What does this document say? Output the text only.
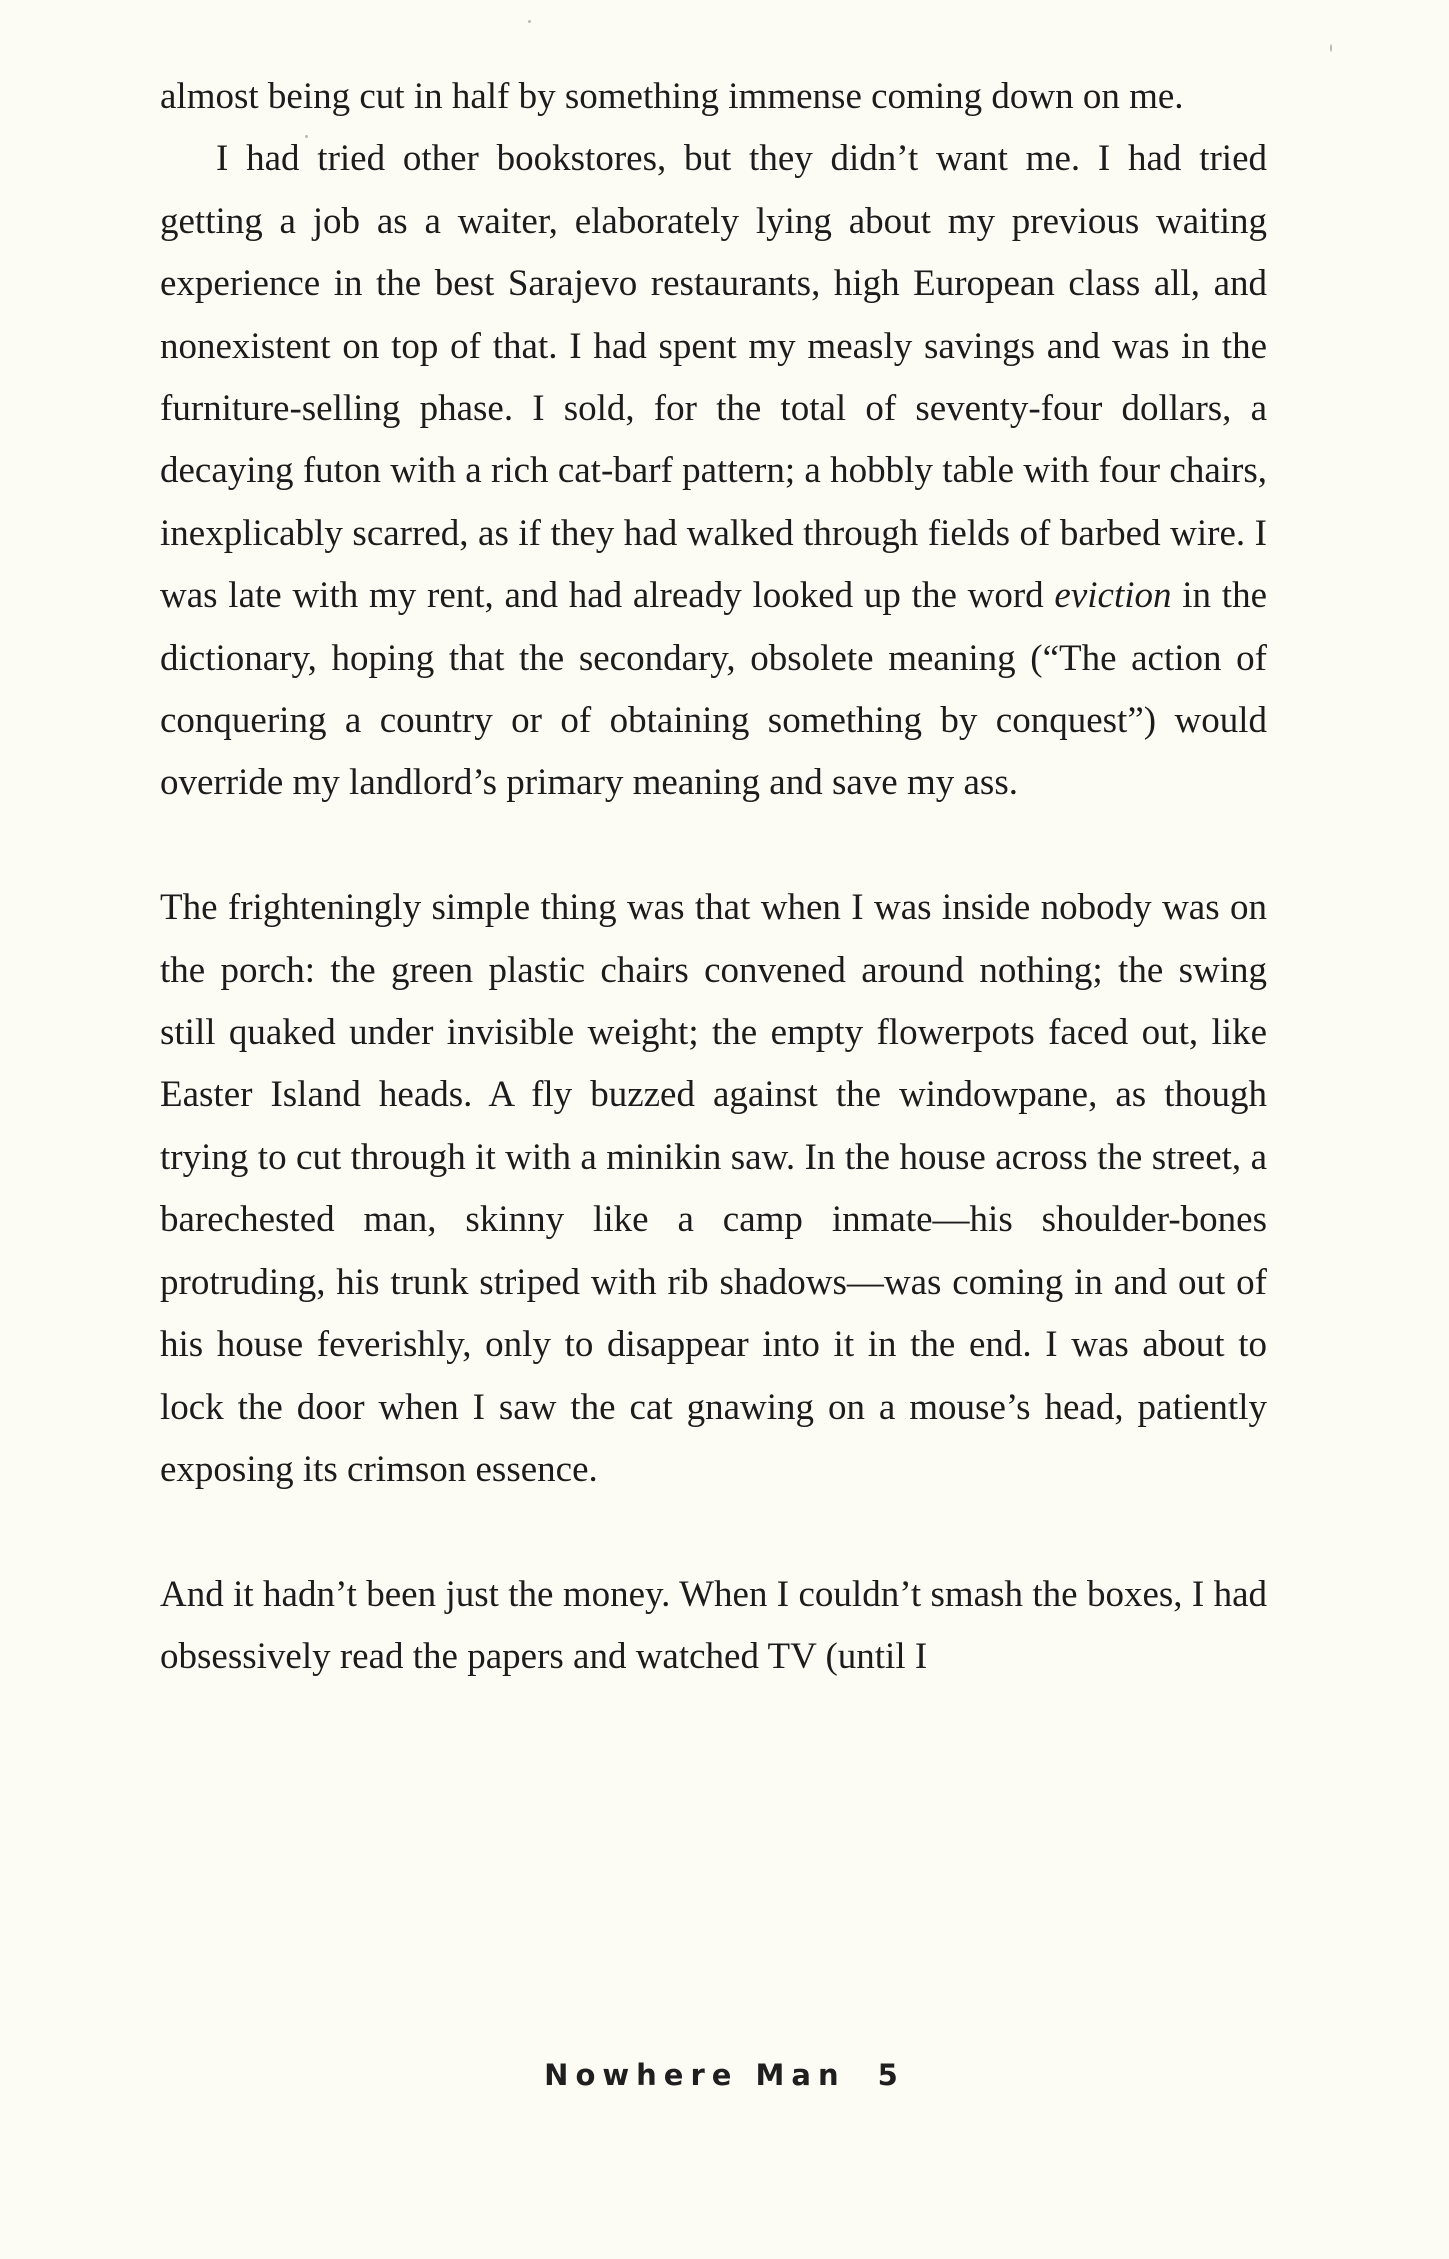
almost being cut in half by something immense coming down on me.

I had tried other bookstores, but they didn’t want me. I had tried getting a job as a waiter, elaborately lying about my previous waiting experience in the best Sarajevo restaurants, high European class all, and nonexistent on top of that. I had spent my measly savings and was in the furniture-selling phase. I sold, for the total of seventy-four dollars, a decaying futon with a rich cat-barf pattern; a hobbly table with four chairs, inexplicably scarred, as if they had walked through fields of barbed wire. I was late with my rent, and had already looked up the word eviction in the dictionary, hoping that the secondary, obsolete meaning (“The action of conquering a country or of obtaining something by conquest”) would override my landlord’s primary meaning and save my ass.

The frighteningly simple thing was that when I was inside nobody was on the porch: the green plastic chairs convened around nothing; the swing still quaked under invisible weight; the empty flowerpots faced out, like Easter Island heads. A fly buzzed against the windowpane, as though trying to cut through it with a minikin saw. In the house across the street, a barechested man, skinny like a camp inmate—his shoulder-bones protruding, his trunk striped with rib shadows—was coming in and out of his house feverishly, only to disappear into it in the end. I was about to lock the door when I saw the cat gnawing on a mouse’s head, patiently exposing its crimson essence.

And it hadn’t been just the money. When I couldn’t smash the boxes, I had obsessively read the papers and watched TV (until I

Nowhere Man 5
